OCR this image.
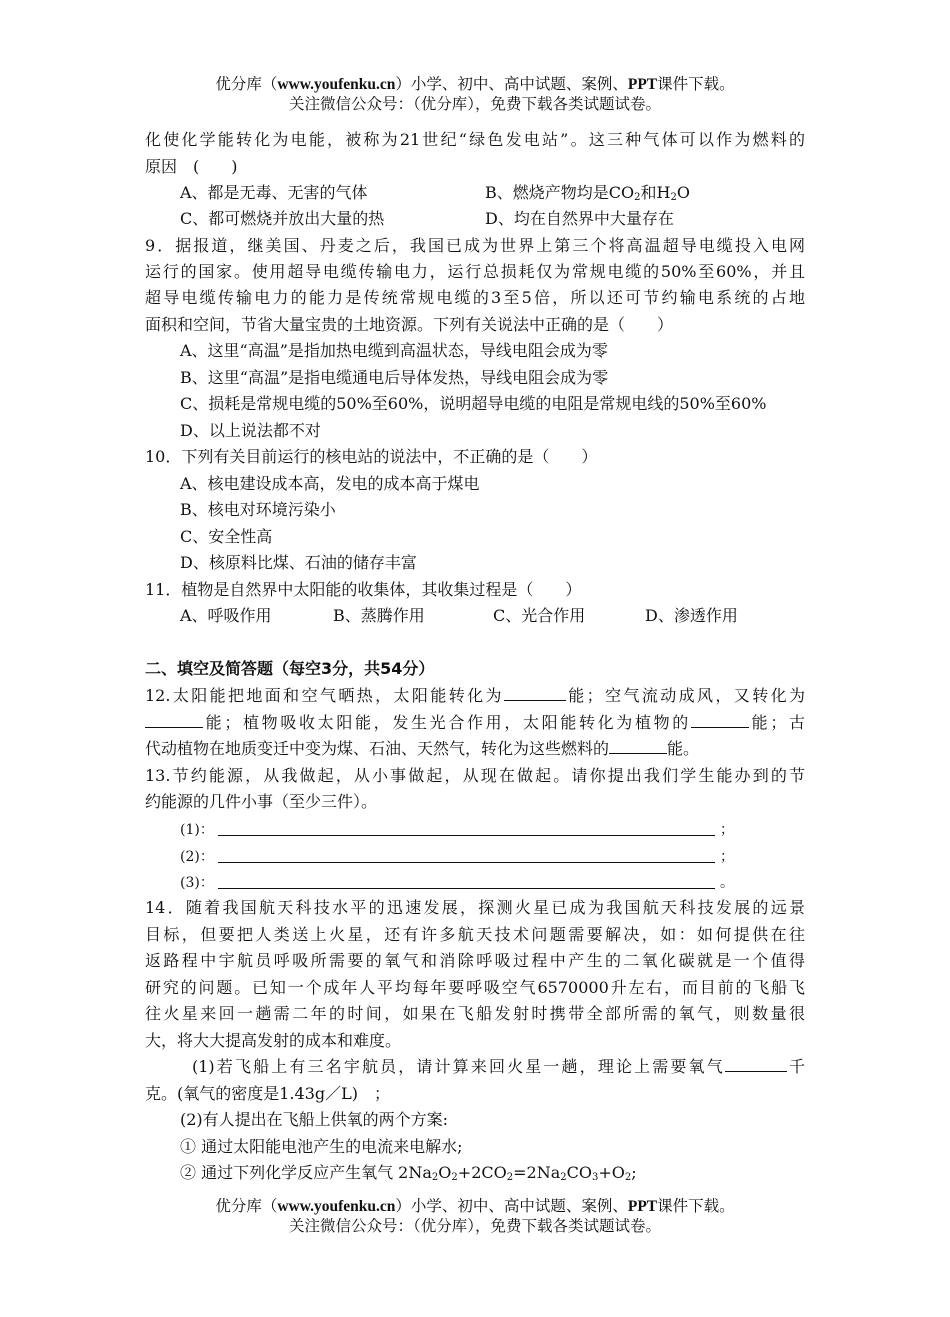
优分库（www.youfenku.cn）小学、初中、高中试题、案例、PPT课件下载。
关注微信公众号：（优分库），免费下载各类试题试卷。
化使化学能转化为电能，被称为21世纪“绿色发电站”。这三种气体可以作为燃料的
原因　(　　)
A、都是无毒、无害的气体	B、燃烧产物均是$CO_2$和$H_2O$
C、都可燃烧并放出大量的热	D、均在自然界中大量存在
9．据报道，继美国、丹麦之后，我国已成为世界上第三个将高温超导电缆投入电网
运行的国家。使用超导电缆传输电力，运行总损耗仅为常规电缆的50%至60%，并且
超导电缆传输电力的能力是传统常规电缆的3至5倍，所以还可节约输电系统的占地
面积和空间，节省大量宝贵的土地资源。下列有关说法中正确的是（　　）
A、这里“高温”是指加热电缆到高温状态，导线电阻会成为零
B、这里“高温”是指电缆通电后导体发热，导线电阻会成为零
C、损耗是常规电缆的50%至60%，说明超导电缆的电阻是常规电线的50%至60%
D、以上说法都不对
10．下列有关目前运行的核电站的说法中，不正确的是（　　）
A、核电建设成本高，发电的成本高于煤电
B、核电对环境污染小
C、安全性高
D、核原料比煤、石油的储存丰富
11．植物是自然界中太阳能的收集体，其收集过程是（　　）
A、呼吸作用	B、蒸腾作用	C、光合作用	D、渗透作用
二、填空及简答题（每空3分，共54分）
12.太阳能把地面和空气晒热，太阳能转化为	能；空气流动成风，又转化为
能；植物吸收太阳能，发生光合作用，太阳能转化为植物的	能；古
代动植物在地质变迁中变为煤、石油、天然气，转化为这些燃料的	能。
13.节约能源，从我做起，从小事做起，从现在做起。请你提出我们学生能办到的节
约能源的几件小事（至少三件）。
(1)：	；
(2)：	；
(3)：	。
14．随着我国航天科技水平的迅速发展，探测火星已成为我国航天科技发展的远景
目标，但要把人类送上火星，还有许多航天技术问题需要解决，如：如何提供在往
返路程中宇航员呼吸所需要的氧气和消除呼吸过程中产生的二氧化碳就是一个值得
研究的问题。已知一个成年人平均每年要呼吸空气6570000升左右，而目前的飞船飞
往火星来回一趟需二年的时间，如果在飞船发射时携带全部所需的氧气，则数量很
大，将大大提高发射的成本和难度。
(1)若飞船上有三名宇航员，请计算来回火星一趟，理论上需要氧气	千
克。(氧气的密度是1.43g／L)　；
(2)有人提出在飞船上供氧的两个方案:
① 通过太阳能电池产生的电流来电解水;
② 通过下列化学反应产生氧气 $2Na_2O_2+2CO_2=2Na_2CO_3+O_2$;
优分库（www.youfenku.cn）小学、初中、高中试题、案例、PPT课件下载。
关注微信公众号：（优分库），免费下载各类试题试卷。
